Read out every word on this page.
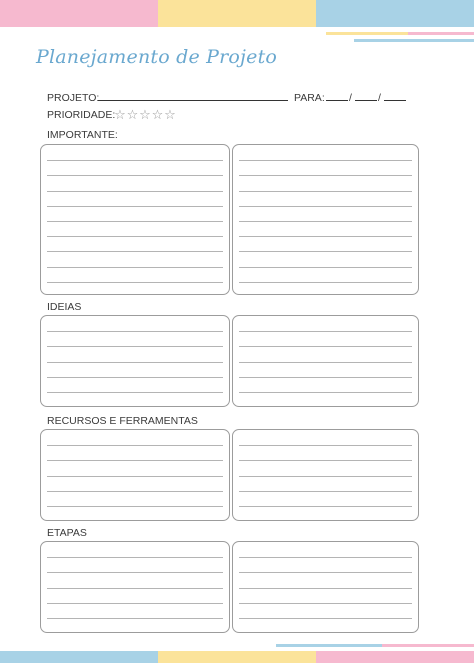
Planejamento de Projeto
PROJETO:	PARA: / /
PRIORIDADE:
☆☆☆☆☆
IMPORTANTE:
IDEIAS
RECURSOS E FERRAMENTAS
ETAPAS
